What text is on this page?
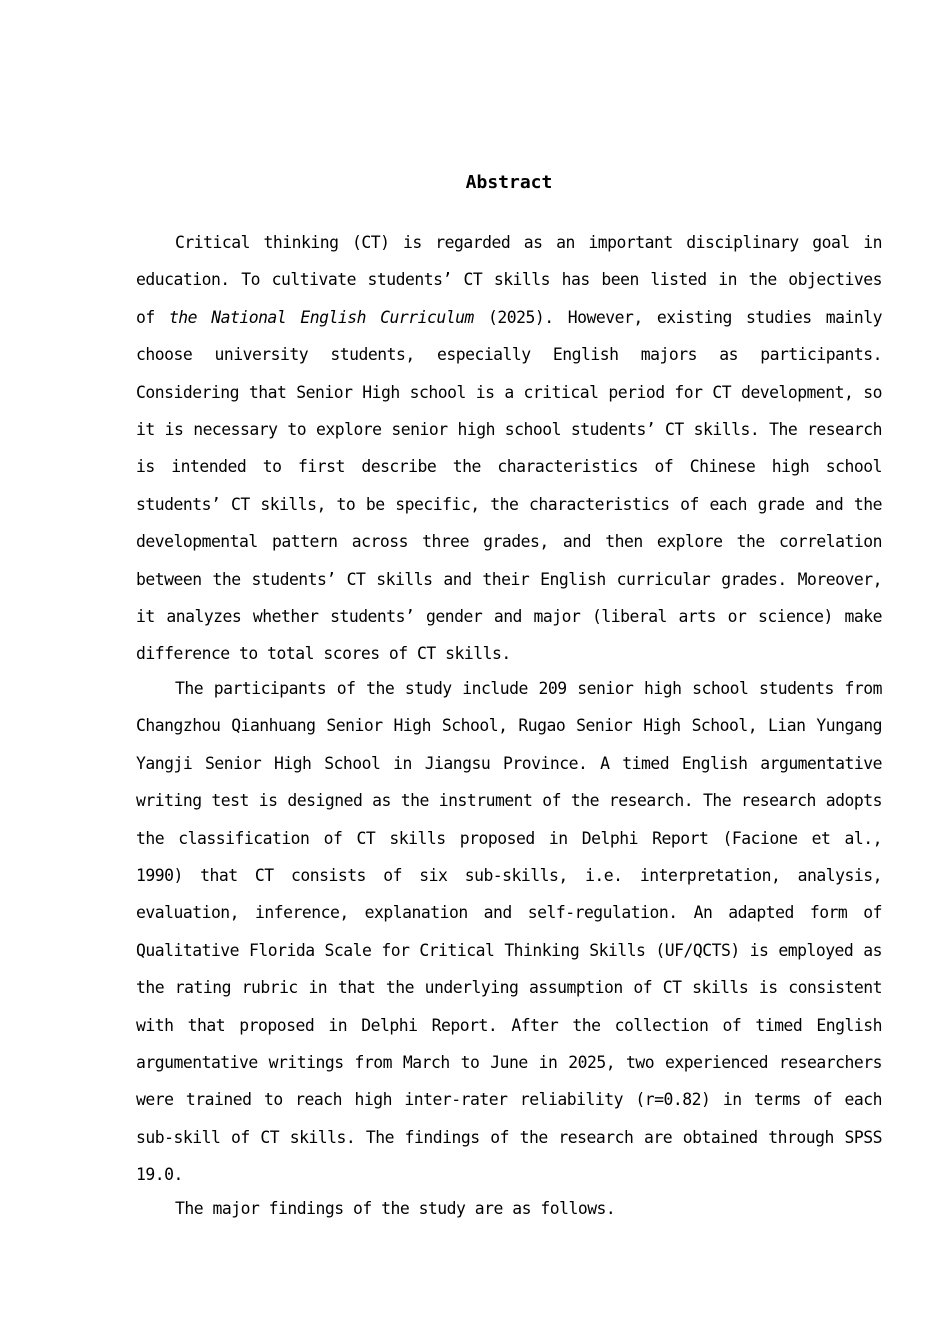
Abstract

Critical thinking (CT) is regarded as an important disciplinary goal in education. To cultivate students’ CT skills has been listed in the objectives of the National English Curriculum (2025). However, existing studies mainly choose university students, especially English majors as participants. Considering that Senior High school is a critical period for CT development, so it is necessary to explore senior high school students’ CT skills. The research is intended to first describe the characteristics of Chinese high school students’ CT skills, to be specific, the characteristics of each grade and the developmental pattern across three grades, and then explore the correlation between the students’ CT skills and their English curricular grades. Moreover, it analyzes whether students’ gender and major (liberal arts or science) make difference to total scores of CT skills.

The participants of the study include 209 senior high school students from Changzhou Qianhuang Senior High School, Rugao Senior High School, Lian Yungang Yangji Senior High School in Jiangsu Province. A timed English argumentative writing test is designed as the instrument of the research. The research adopts the classification of CT skills proposed in Delphi Report (Facione et al., 1990) that CT consists of six sub-skills, i.e. interpretation, analysis, evaluation, inference, explanation and self-regulation. An adapted form of Qualitative Florida Scale for Critical Thinking Skills (UF/QCTS) is employed as the rating rubric in that the underlying assumption of CT skills is consistent with that proposed in Delphi Report. After the collection of timed English argumentative writings from March to June in 2025, two experienced researchers were trained to reach high inter-rater reliability (r=0.82) in terms of each sub-skill of CT skills. The findings of the research are obtained through SPSS 19.0.

The major findings of the study are as follows.
